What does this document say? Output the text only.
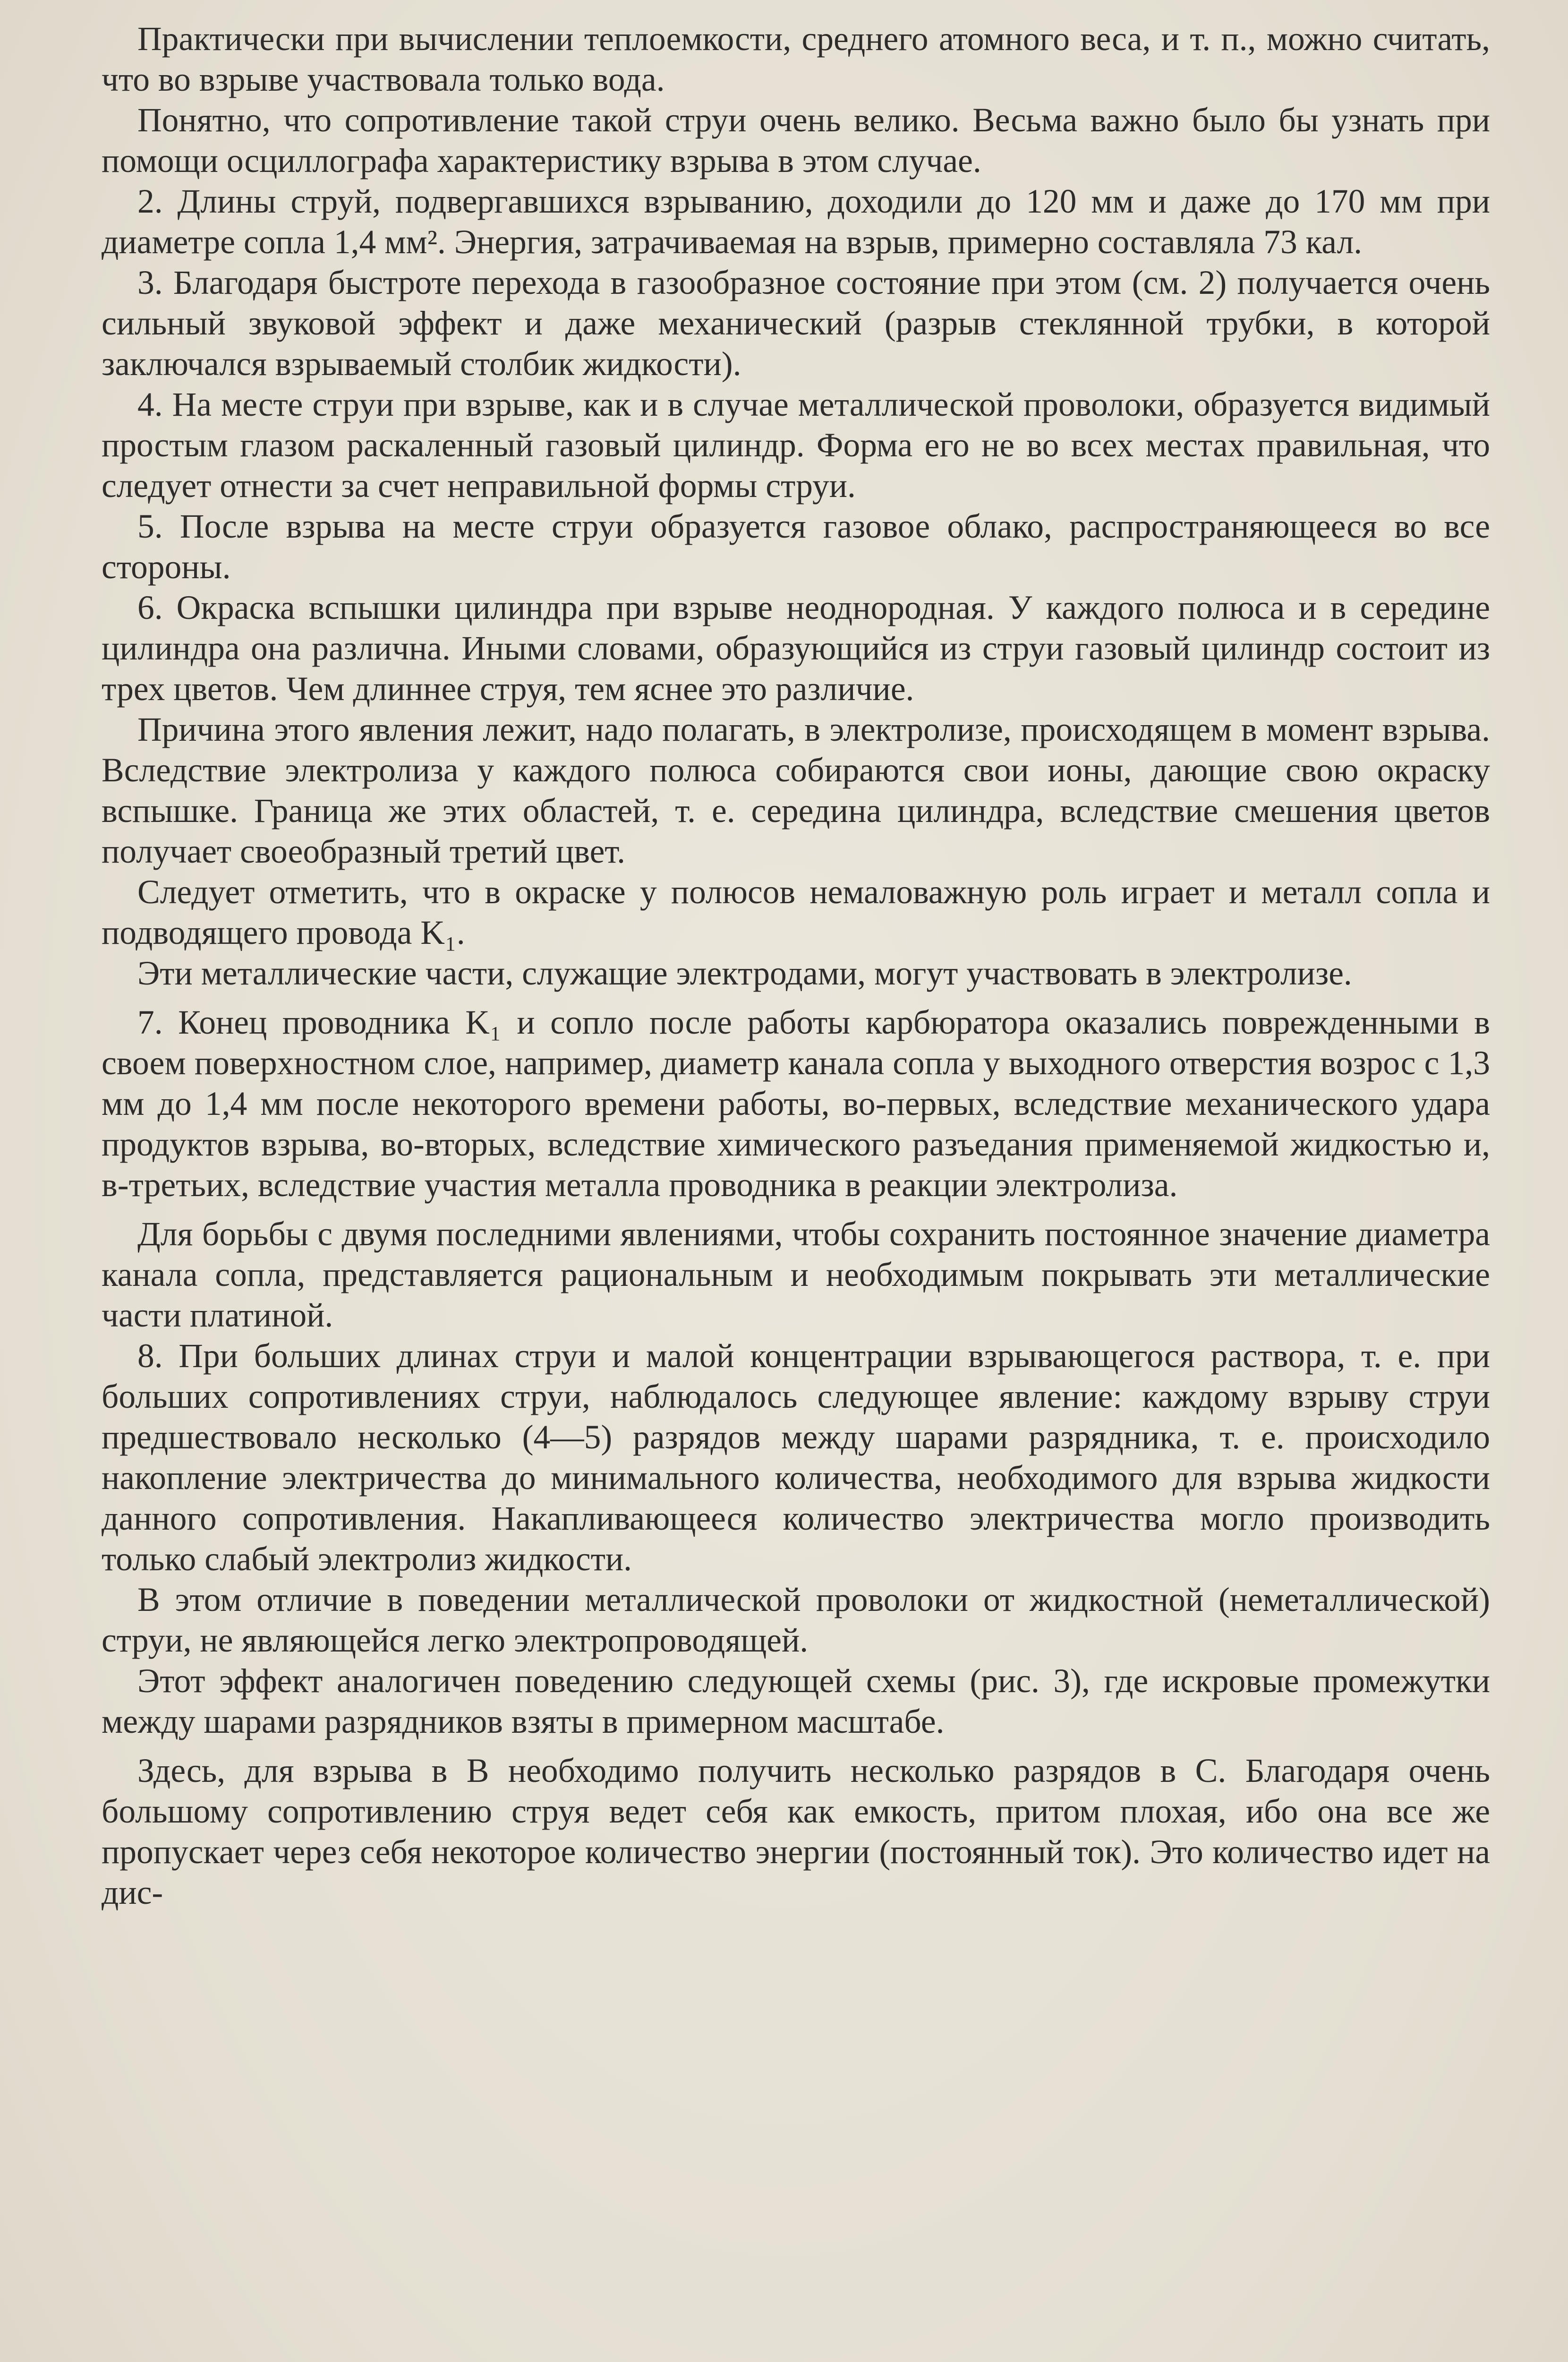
Практически при вычислении теплоемкости, среднего атомного веса, и т. п., можно считать, что во взрыве участвовала только вода.

Понятно, что сопротивление такой струи очень велико. Весьма важно было бы узнать при помощи осциллографа характеристику взрыва в этом случае.

2. Длины струй, подвергавшихся взрыванию, доходили до 120 мм и даже до 170 мм при диаметре сопла 1,4 мм². Энергия, затрачиваемая на взрыв, примерно составляла 73 кал.

3. Благодаря быстроте перехода в газообразное состояние при этом (см. 2) получается очень сильный звуковой эффект и даже механический (разрыв стеклянной трубки, в которой заключался взрываемый столбик жидкости).

4. На месте струи при взрыве, как и в случае металлической проволоки, образуется видимый простым глазом раскаленный газовый цилиндр. Форма его не во всех местах правильная, что следует отнести за счет неправильной формы струи.

5. После взрыва на месте струи образуется газовое облако, распространяющееся во все стороны.

6. Окраска вспышки цилиндра при взрыве неоднородная. У каждого полюса и в середине цилиндра она различна. Иными словами, образующийся из струи газовый цилиндр состоит из трех цветов. Чем длиннее струя, тем яснее это различие.

Причина этого явления лежит, надо полагать, в электролизе, происходящем в момент взрыва. Вследствие электролиза у каждого полюса собираются свои ионы, дающие свою окраску вспышке. Граница же этих областей, т. е. середина цилиндра, вследствие смешения цветов получает своеобразный третий цвет.

Следует отметить, что в окраске у полюсов немаловажную роль играет и металл сопла и подводящего провода K₁.

Эти металлические части, служащие электродами, могут участвовать в электролизе.

7. Конец проводника K₁ и сопло после работы карбюратора оказались поврежденными в своем поверхностном слое, например, диаметр канала сопла у выходного отверстия возрос с 1,3 мм до 1,4 мм после некоторого времени работы, во-первых, вследствие механического удара продуктов взрыва, во-вторых, вследствие химического разъедания применяемой жидкостью и, в-третьих, вследствие участия металла проводника в реакции электролиза.

Для борьбы с двумя последними явлениями, чтобы сохранить постоянное значение диаметра канала сопла, представляется рациональным и необходимым покрывать эти металлические части платиной.

8. При больших длинах струи и малой концентрации взрывающегося раствора, т. е. при больших сопротивлениях струи, наблюдалось следующее явление: каждому взрыву струи предшествовало несколько (4—5) разрядов между шарами разрядника, т. е. происходило накопление электричества до минимального количества, необходимого для взрыва жидкости данного сопротивления. Накапливающееся количество электричества могло производить только слабый электролиз жидкости.

В этом отличие в поведении металлической проволоки от жидкостной (неметаллической) струи, не являющейся легко электропроводящей.

Этот эффект аналогичен поведению следующей схемы (рис. 3), где искровые промежутки между шарами разрядников взяты в примерном масштабе.

Здесь, для взрыва в B необходимо получить несколько разрядов в C. Благодаря очень большому сопротивлению струя ведет себя как емкость, притом плохая, ибо она все же пропускает через себя некоторое количество энергии (постоянный ток). Это количество идет на дис-
